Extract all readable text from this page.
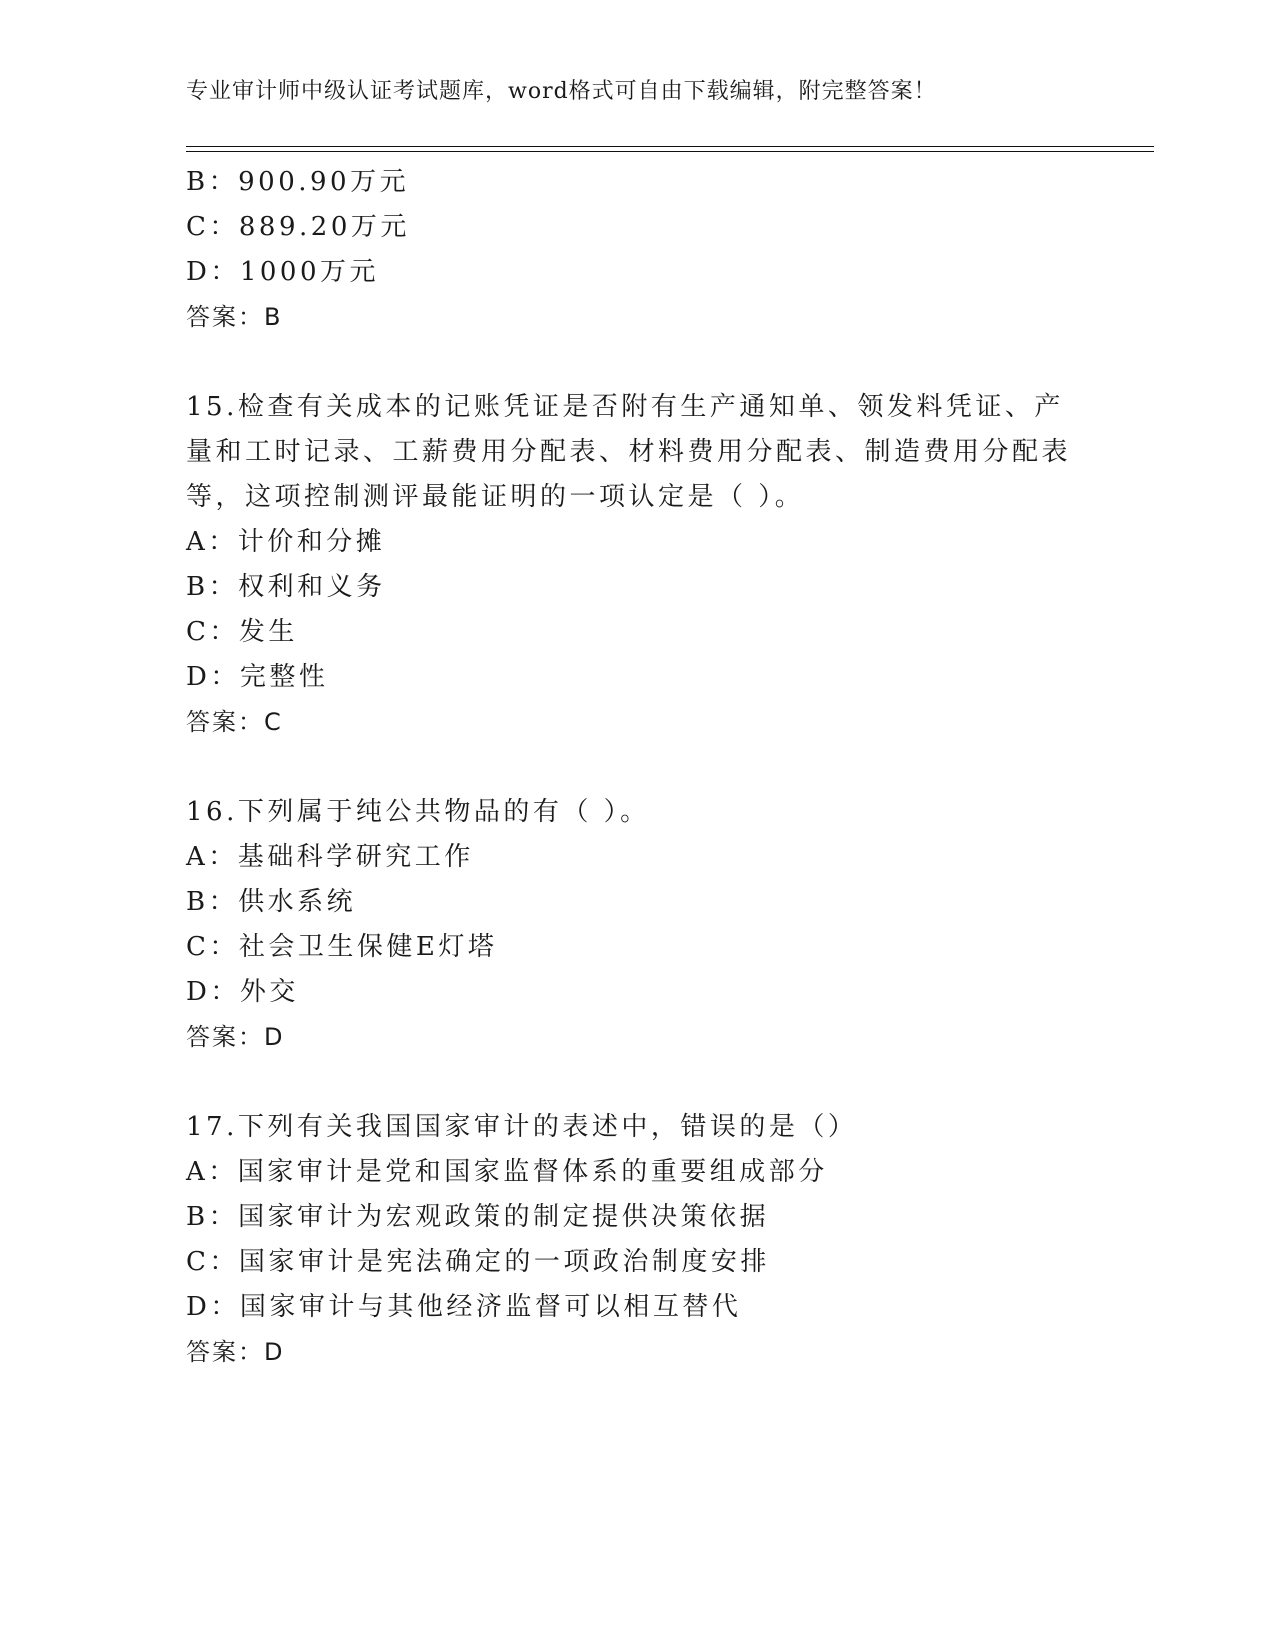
专业审计师中级认证考试题库，word格式可自由下载编辑，附完整答案！
B：900.90万元
C：889.20万元
D：1000万元
答案：B
15.检查有关成本的记账凭证是否附有生产通知单、领发料凭证、产量和工时记录、工薪费用分配表、材料费用分配表、制造费用分配表等，这项控制测评最能证明的一项认定是（ ）。
A：计价和分摊
B：权利和义务
C：发生
D：完整性
答案：C
16.下列属于纯公共物品的有（ ）。
A：基础科学研究工作
B：供水系统
C：社会卫生保健E灯塔
D：外交
答案：D
17.下列有关我国国家审计的表述中，错误的是（）
A：国家审计是党和国家监督体系的重要组成部分
B：国家审计为宏观政策的制定提供决策依据
C：国家审计是宪法确定的一项政治制度安排
D：国家审计与其他经济监督可以相互替代
答案：D
